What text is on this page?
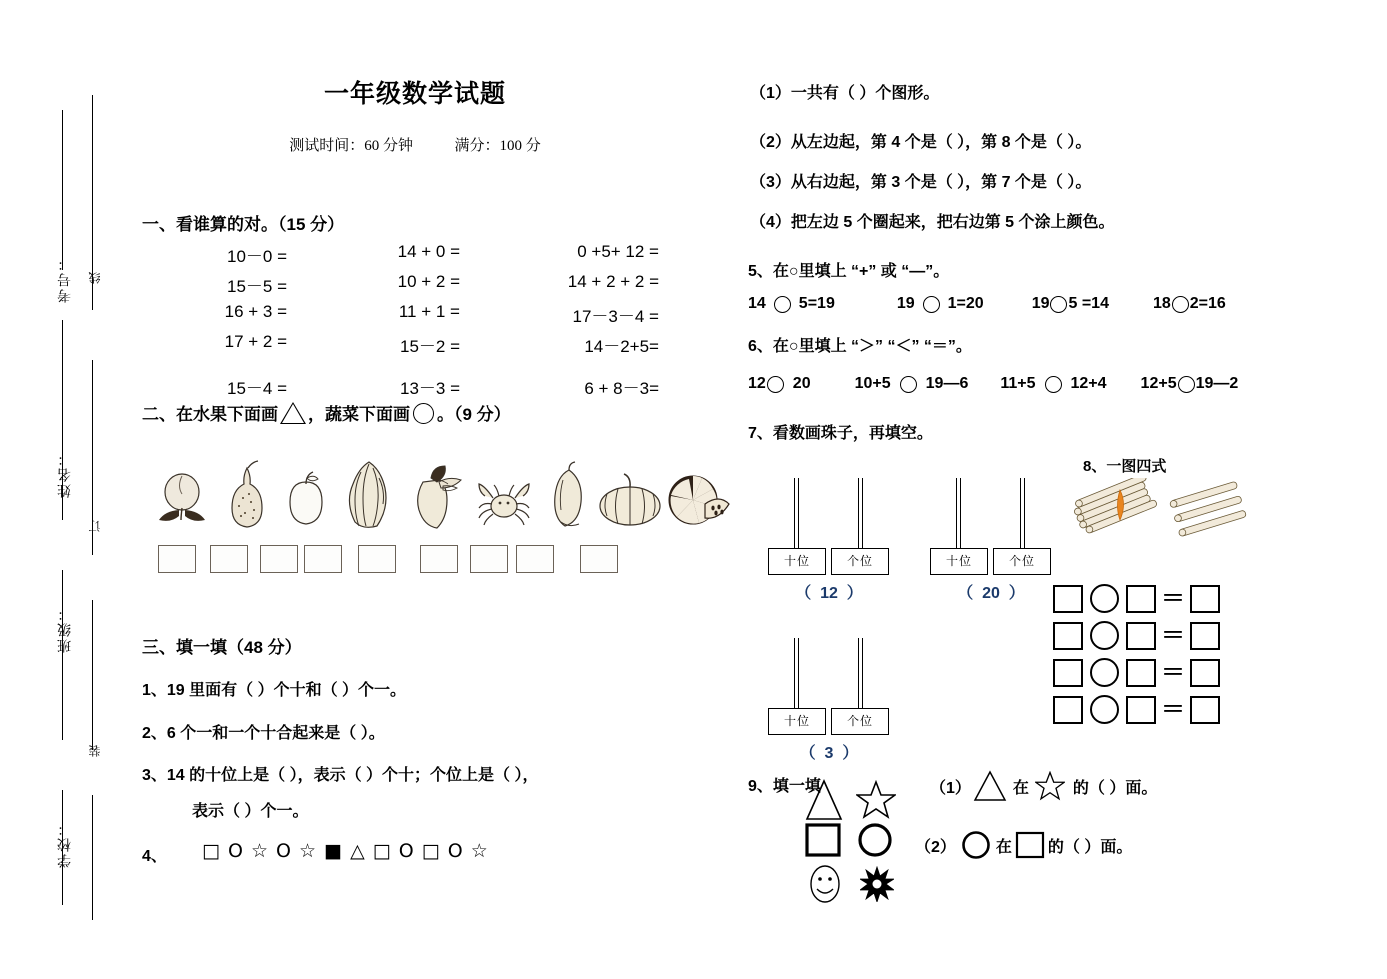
考号：
姓名：
班级：
学校：
线
订
装
一年级数学试题
测试时间：60 分钟	满分：100 分
一、看谁算的对。（15 分）
10－0 =	14 + 0 =	0 +5+ 12 =
15－5 =	10 + 2 =	14 + 2 + 2 =
16 + 3 =	11 + 1 =	17－3－4 =
17 + 2 =	15－2 =	14－2+5=
15－4 =	13－3 =	6 + 8－3=
二、在水果下面画 ，蔬菜下面画 。（9 分）
三、填一填（48 分）
1、19 里面有（ ）个十和（ ）个一。
2、6 个一和一个十合起来是（ ）。
3、14 的十位上是（ ），表示（ ）个十；个位上是（ ），
表示（ ）个一。
4、 □ O ☆ O ☆ ■ △ □ O □ O ☆
（1）一共有（ ）个图形。
（2）从左边起，第 4 个是（ ），第 8 个是（ ）。
（3）从右边起，第 3 个是（ ），第 7 个是（ ）。
（4）把左边 5 个圈起来，把右边第 5 个涂上颜色。
5、在○里填上 “+” 或 “—”。
14 5=19	19 1=20	19 5 =14	18 2=16
6、在○里填上 “＞” “＜” “＝”。
12 20	10+5 19—6 11+5 12+4 12+5 19—2
7、看数画珠子，再填空。
十位	个位
（  12  ）
十位	个位
（  20  ）
十位	个位
（  3  ）
8、一图四式
＝
＝
＝
＝
9、填一填	（1）	在	的（ ）面。
（2）	在 的（ ）面。
